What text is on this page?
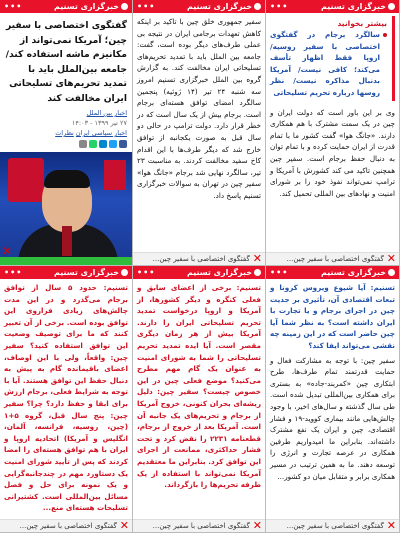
خبرگزاری تسنیم
•••
گفتگوی اختصاصی با سفیر چین؛ آمریکا نمی‌تواند از مکانیزم ماشه استفاده کند/ جامعه بین‌الملل باید با تمدید تحریم‌های تسلیحاتی ایران مخالفت کند
اخبار بین الملل
۲۷ تیر ۱۳۹۹ - ۱۴:۰۳
اخبار سیاسی ایران نظرات
✕
خبرگزاری تسنیم
•••
سفیر جمهوری خلق چین با تاکید بر اینکه کاهش تعهدات برجامی ایران در نتیجه بی عملی طرف‌های دیگر بوده است، گفت: جامعه بین الملل باید با تمدید تحریم‌های تسلیحاتی ایران مخالفت کند. به گزارش گروه بین الملل خبرگزاری تسنیم امروز سه شنبه ۲۴ تیر (۱۴ ژوئیه) پنجمین سالگرد امضای توافق هسته‌ای برجام است. برجام بیش از یک سال است که در خطر قرار دارد. دولت ترامپ در حالی دو سال قبل به صورت یکجانبه از توافق خارج شد که دیگر طرف‌ها با این اقدام کاخ سفید مخالفت کردند. به مناسبت ۲۳ تیر، سالگرد نهایی شد برجام «جانگ هوا» سفیر چین در تهران به سوالات خبرگزاری تسنیم پاسخ داد.
✕
گفتگوی اختصاصی با سفیر چین...
خبرگزاری تسنیم
•••
بیشتر بخوانید
سالگرد برجام در گفتگوی اختصاصی با سفیر روسیه/ اروپا فقط اظهار تأسف می‌کند؛ کافی نیست/ آمریکا بدنبال مذاکره نیست/ نظر روسها درباره تحریم تسلیحاتی
وی بر این باور است که دولت ایران و چین در یک سمت مشترک با هم همکاری دارند. «جانگ هوا» گفت کشور ما با تمام قدرت از ایران حمایت کرده و با تمام توان به دنبال حفظ برجام است. سفیر چین همچنین تاکید می کند کشورش با آمریکا و ترامپ نمی‌تواند نفوذ خود را بر شورای امنیت و نهادهای بین المللی تحمیل کند.
✕
گفتگوی اختصاصی با سفیر چین...
خبرگزاری تسنیم
•••
تسنیم: حدود ۵ سال از توافق برجام می‌گذرد و در این مدت چالش‌های زیادی فراروی این توافق بوده است. برخی از آن تعبیر کنند که ما برای توصیف وضعیت این توافق استفاده کنید؟ سفیر چین: واقعاً، ولی با این اوصاف، اعضای باقیمانده گام به پیش به دنبال حفظ این توافق هستند. آیا با توجه به شرایط فعلی، برجام ارزش برای ابقا و حفظ دارد؟ چرا؟ سفیر چین: پنج سال قبل، گروه ۵+۱ (چین، روسیه، فرانسه، آلمان، انگلیس و آمریکا) اتحادیه اروپا و ایران با هم توافق هسته‌ای را امضا کردند که پس از تأیید شورای امنیت یک دستاورد مهم در چندجانبه‌گرایی و یک نمونه برای حل و فصل مسائل بین‌المللی است. کشتیرانی تسلیحات هسته‌ای منع...
✕
گفتگوی اختصاصی با سفیر چین...
خبرگزاری تسنیم
•••
تسنیم: برخی از اعضای سابق و فعلی کنگره و دیگر کشورها، از آمریکا و اروپا درخواست تمدید تحریم تسلیحاتی ایران را دارند. آمریکا بیش از هر زمان دیگری مقصر است. آیا ایده تمدید تحریم تسلیحاتی را شما به شورای امنیت به عنوان یک گام مهم مطرح می‌کنید؟ موضع فعلی چین در این خصوص چیست؟ سفیر چین: دلیل ریشه‌ای بحران کنونی، خروج آمریکا از برجام و تحریم‌های یک جانبه آن است. آمریکا بعد از خروج از برجام، قطعنامه ۲۲۳۱ را نقض کرد و تحت فشار حداکثری، ممانعت از اجرای این توافق کرد. بنابراین ما معتقدیم آمریکا نمی‌تواند با استفاده از یک طرفه تحریم‌ها را بازگرداند.
✕
گفتگوی اختصاصی با سفیر چین...
خبرگزاری تسنیم
•••
تسنیم: آیا شیوع ویروس کرونا و تبعات اقتصادی آن، تأثیری بر جدیت چین در اجرای برجام و یا تجارت با ایران داشته است؟ به نظر شما آیا چین حاضر است که در این زمینه چه نقشی می‌تواند ایفا کند؟
سفیر چین: با توجه به مشارکت فعال و حمایت قدرتمند تمام طرف‌ها، طرح ابتکاری چین «کمربند-جاده» به بستری برای همکاری بین‌المللی تبدیل شده است. طی سال گذشته و سال‌های اخیر، با وجود چالش‌هایی مانند بیماری کووید-۱۹ و فشار اقتصادی، چین و ایران یک نفع مشترک داشته‌اند. بنابراین ما امیدواریم طرفین همکاری در عرصه تجارت و انرژی را توسعه دهند. ما به همین ترتیب در مسیر همکاری برابر و متقابل میان دو کشور...
✕
گفتگوی اختصاصی با سفیر چین...
